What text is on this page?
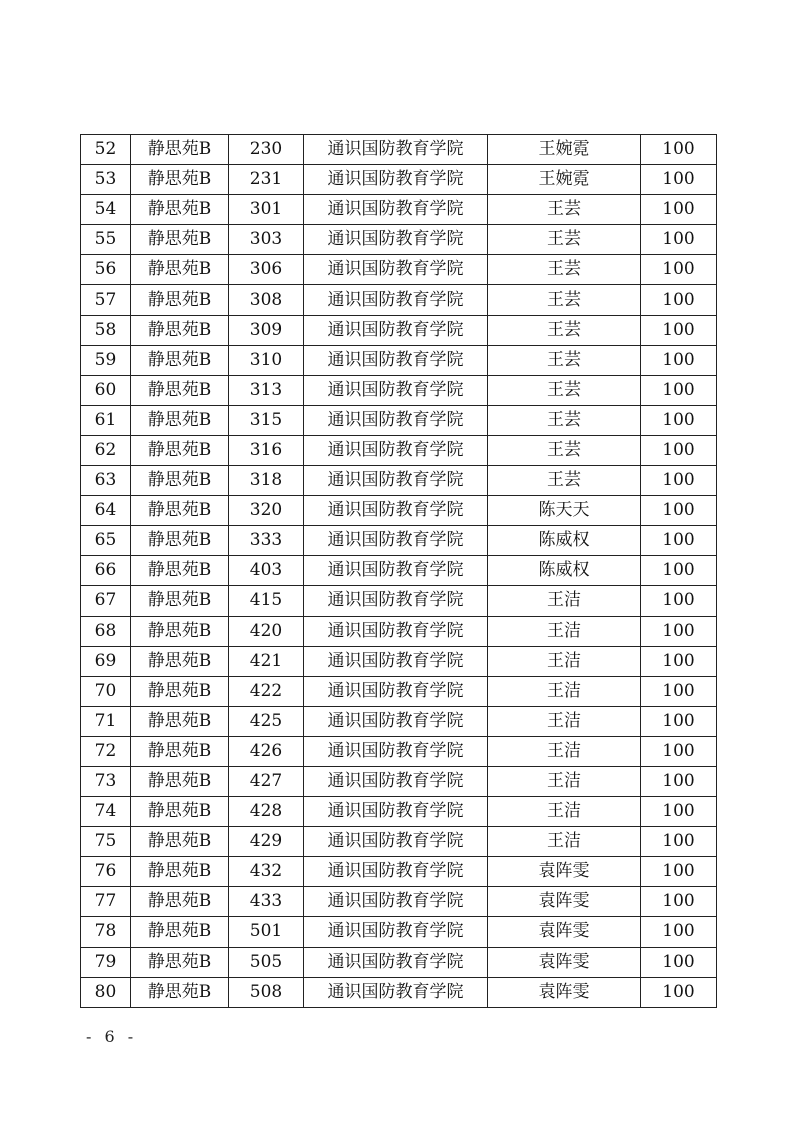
52	静思苑B	230	通识国防教育学院	王婉霓	100
53	静思苑B	231	通识国防教育学院	王婉霓	100
54	静思苑B	301	通识国防教育学院	王芸	100
55	静思苑B	303	通识国防教育学院	王芸	100
56	静思苑B	306	通识国防教育学院	王芸	100
57	静思苑B	308	通识国防教育学院	王芸	100
58	静思苑B	309	通识国防教育学院	王芸	100
59	静思苑B	310	通识国防教育学院	王芸	100
60	静思苑B	313	通识国防教育学院	王芸	100
61	静思苑B	315	通识国防教育学院	王芸	100
62	静思苑B	316	通识国防教育学院	王芸	100
63	静思苑B	318	通识国防教育学院	王芸	100
64	静思苑B	320	通识国防教育学院	陈天天	100
65	静思苑B	333	通识国防教育学院	陈威权	100
66	静思苑B	403	通识国防教育学院	陈威权	100
67	静思苑B	415	通识国防教育学院	王洁	100
68	静思苑B	420	通识国防教育学院	王洁	100
69	静思苑B	421	通识国防教育学院	王洁	100
70	静思苑B	422	通识国防教育学院	王洁	100
71	静思苑B	425	通识国防教育学院	王洁	100
72	静思苑B	426	通识国防教育学院	王洁	100
73	静思苑B	427	通识国防教育学院	王洁	100
74	静思苑B	428	通识国防教育学院	王洁	100
75	静思苑B	429	通识国防教育学院	王洁	100
76	静思苑B	432	通识国防教育学院	袁阵雯	100
77	静思苑B	433	通识国防教育学院	袁阵雯	100
78	静思苑B	501	通识国防教育学院	袁阵雯	100
79	静思苑B	505	通识国防教育学院	袁阵雯	100
80	静思苑B	508	通识国防教育学院	袁阵雯	100
- 6 -
